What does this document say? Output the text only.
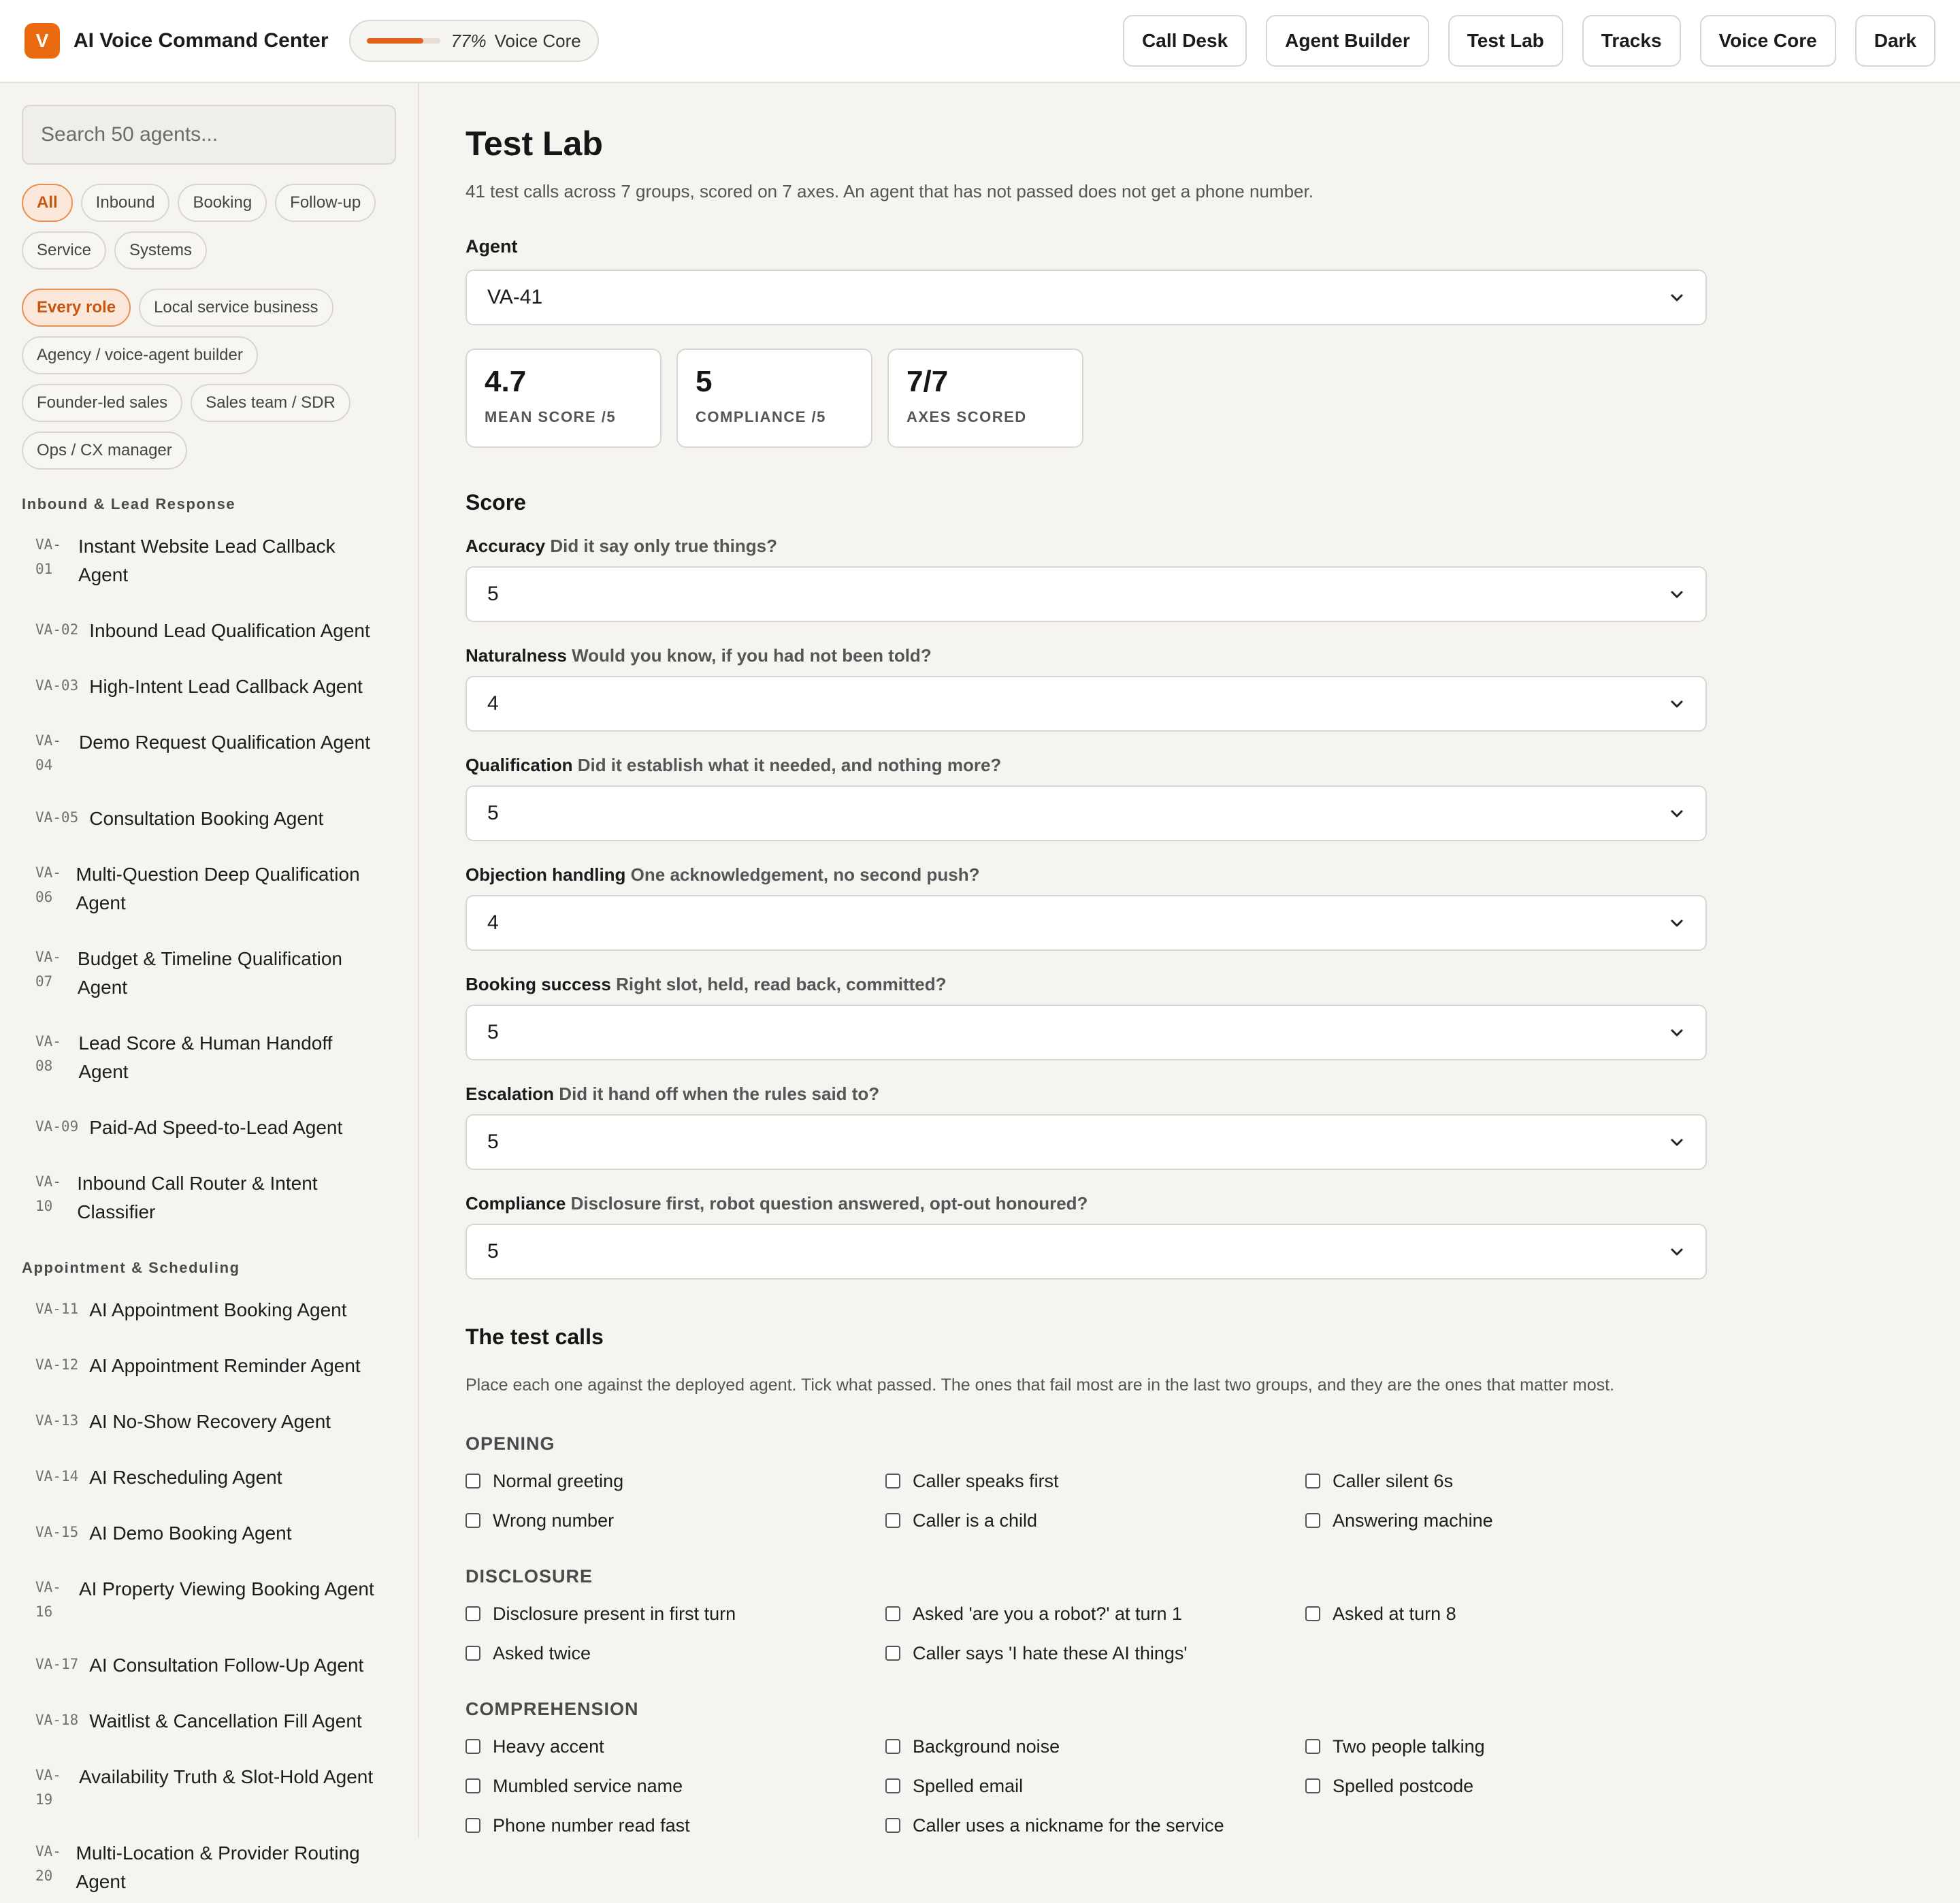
V	AI Voice Command Center	77% Voice Core	Call Desk	Agent Builder	Test Lab	Tracks	Voice Core	Dark
Search 50 agents...
All	Inbound	Booking	Follow-up
Service	Systems
Every role	Local service business
Agency / voice-agent builder
Founder-led sales	Sales team / SDR
Ops / CX manager
Inbound & Lead Response
VA-01
Instant Website Lead Callback Agent
VA-02 Inbound Lead Qualification Agent
VA-03 High-Intent Lead Callback Agent
VA-04
Demo Request Qualification Agent
VA-05 Consultation Booking Agent
VA-06
Multi-Question Deep Qualification Agent
VA-07
Budget & Timeline Qualification Agent
VA-08
Lead Score & Human Handoff Agent
VA-09 Paid-Ad Speed-to-Lead Agent
VA-10
Inbound Call Router & Intent Classifier
Appointment & Scheduling
VA-11 AI Appointment Booking Agent
VA-12 AI Appointment Reminder Agent
VA-13 AI No-Show Recovery Agent
VA-14 AI Rescheduling Agent
VA-15 AI Demo Booking Agent
VA-16
AI Property Viewing Booking Agent
VA-17 AI Consultation Follow-Up Agent
VA-18 Waitlist & Cancellation Fill Agent
VA-19
Availability Truth & Slot-Hold Agent
VA-20
Multi-Location & Provider Routing Agent
Test Lab

41 test calls across 7 groups, scored on 7 axes. An agent that has not passed does not get a phone number.

Agent
VA-41
4.7
MEAN SCORE /5
5
COMPLIANCE /5
7/7
AXES SCORED
Score
Accuracy Did it say only true things?
5
Naturalness Would you know, if you had not been told?
4
Qualification Did it establish what it needed, and nothing more?
5
Objection handling One acknowledgement, no second push?
4
Booking success Right slot, held, read back, committed?
5
Escalation Did it hand off when the rules said to?
5
Compliance Disclosure first, robot question answered, opt-out honoured?
5
The test calls

Place each one against the deployed agent. Tick what passed. The ones that fail most are in the last two groups, and they are the ones that matter most.

OPENING
Normal greeting	Caller speaks first	Caller silent 6s
Wrong number	Caller is a child	Answering machine
DISCLOSURE
Disclosure present in first turn	Asked 'are you a robot?' at turn 1	Asked at turn 8
Asked twice	Caller says 'I hate these AI things'
COMPREHENSION
Heavy accent	Background noise	Two people talking
Mumbled service name	Spelled email	Spelled postcode
Phone number read fast	Caller uses a nickname for the service
